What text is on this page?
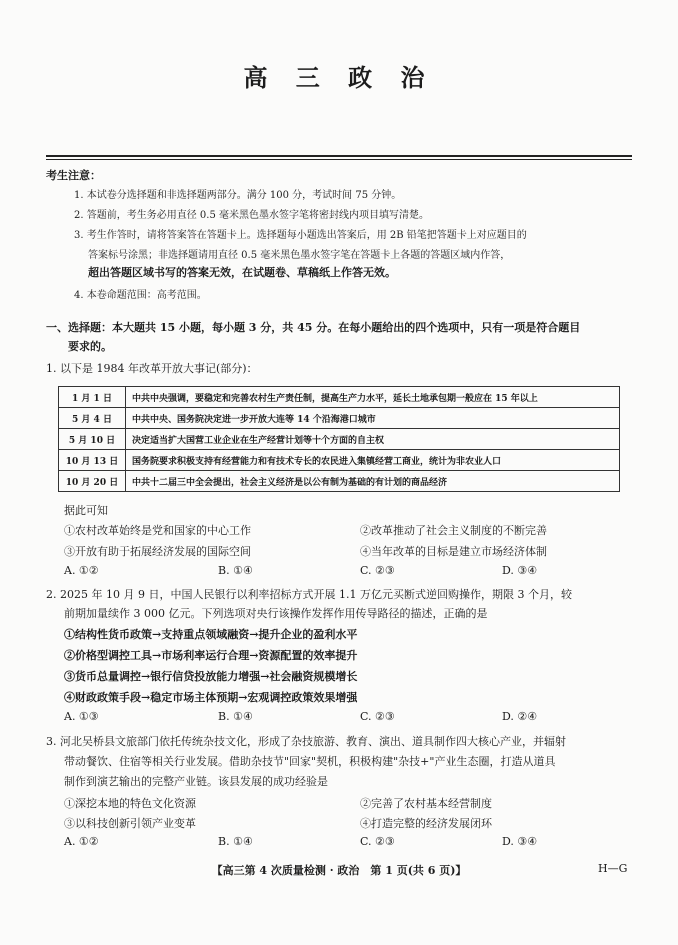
高 三 政 治
考生注意：
1. 本试卷分选择题和非选择题两部分。满分 100 分，考试时间 75 分钟。
2. 答题前，考生务必用直径 0.5 毫米黑色墨水签字笔将密封线内项目填写清楚。
3. 考生作答时，请将答案答在答题卡上。选择题每小题选出答案后，用 2B 铅笔把答题卡上对应题目的
答案标号涂黑；非选择题请用直径 0.5 毫米黑色墨水签字笔在答题卡上各题的答题区域内作答，
超出答题区域书写的答案无效，在试题卷、草稿纸上作答无效。
4. 本卷命题范围：高考范围。
一、选择题：本大题共 15 小题，每小题 3 分，共 45 分。在每小题给出的四个选项中，只有一项是符合题目
要求的。
1. 以下是 1984 年改革开放大事记(部分)：
1 月 1 日	中共中央强调，要稳定和完善农村生产责任制，提高生产力水平，延长土地承包期一般应在 15 年以上
5 月 4 日	中共中央、国务院决定进一步开放大连等 14 个沿海港口城市
5 月 10 日	决定适当扩大国营工业企业在生产经营计划等十个方面的自主权
10 月 13 日	国务院要求积极支持有经营能力和有技术专长的农民进入集镇经营工商业，统计为非农业人口
10 月 20 日	中共十二届三中全会提出，社会主义经济是以公有制为基础的有计划的商品经济
据此可知
①农村改革始终是党和国家的中心工作	②改革推动了社会主义制度的不断完善
③开放有助于拓展经济发展的国际空间	④当年改革的目标是建立市场经济体制
A. ①②	B. ①④	C. ②③	D. ③④
2. 2025 年 10 月 9 日，中国人民银行以利率招标方式开展 1.1 万亿元买断式逆回购操作，期限 3 个月，较
前期加量续作 3 000 亿元。下列选项对央行该操作发挥作用传导路径的描述，正确的是
①结构性货币政策→支持重点领域融资→提升企业的盈利水平
②价格型调控工具→市场利率运行合理→资源配置的效率提升
③货币总量调控→银行信贷投放能力增强→社会融资规模增长
④财政政策手段→稳定市场主体预期→宏观调控政策效果增强
A. ①③	B. ①④	C. ②③	D. ②④
3. 河北吴桥县文旅部门依托传统杂技文化，形成了杂技旅游、教育、演出、道具制作四大核心产业，并辐射
带动餐饮、住宿等相关行业发展。借助杂技节"回家"契机，积极构建"杂技+"产业生态圈，打造从道具
制作到演艺输出的完整产业链。该县发展的成功经验是
①深挖本地的特色文化资源	②完善了农村基本经营制度
③以科技创新引领产业变革	④打造完整的经济发展闭环
A. ①②	B. ①④	C. ②③	D. ③④
【高三第 4 次质量检测 · 政治　第 1 页(共 6 页)】	H—G
